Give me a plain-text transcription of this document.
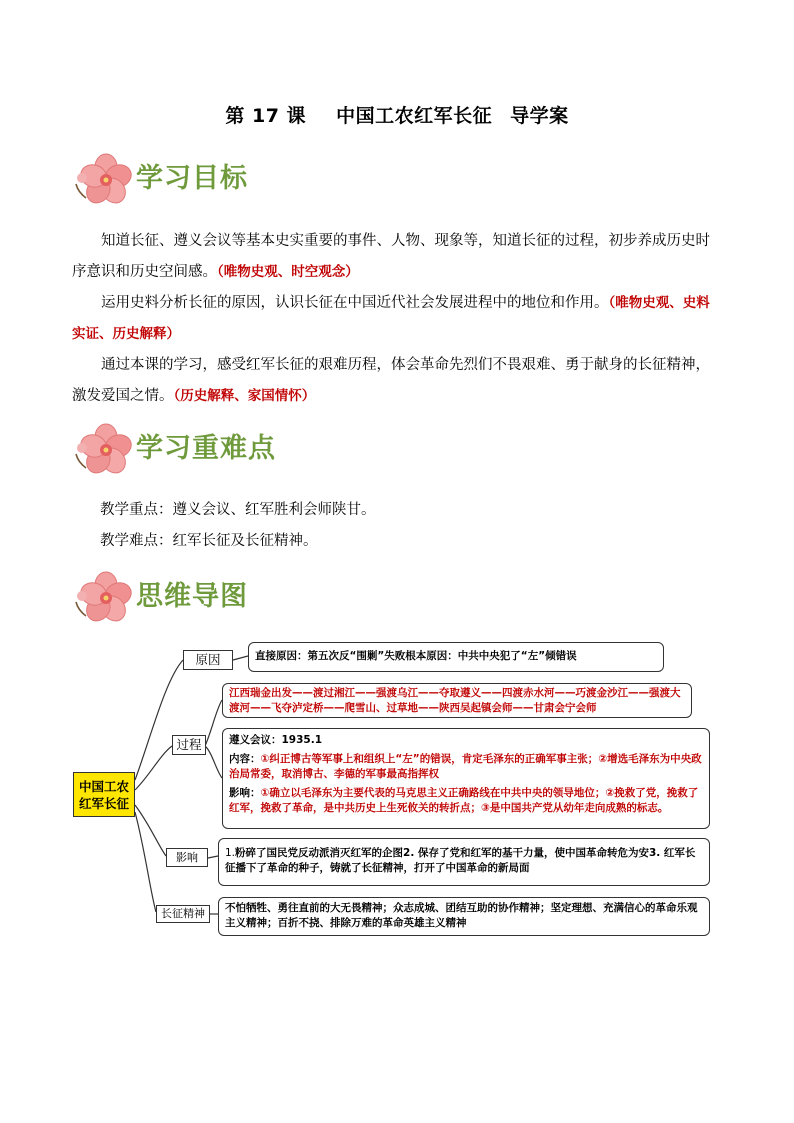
第 17 课 中国工农红军长征 导学案
学习目标

知道长征、遵义会议等基本史实重要的事件、人物、现象等，知道长征的过程，初步养成历史时序意识和历史空间感。（唯物史观、时空观念）

运用史料分析长征的原因，认识长征在中国近代社会发展进程中的地位和作用。（唯物史观、史料实证、历史解释）

通过本课的学习，感受红军长征的艰难历程，体会革命先烈们不畏艰难、勇于献身的长征精神，激发爱国之情。（历史解释、家国情怀）

学习重难点
教学重点：遵义会议、红军胜利会师陕甘。
教学难点：红军长征及长征精神。
思维导图
中国工农
红军长征
原因
过程
影响
长征精神
直接原因：第五次反“围剿”失败根本原因：中共中央犯了“左”倾错误
江西瑞金出发——渡过湘江——强渡乌江——夺取遵义——四渡赤水河——巧渡金沙江——强渡大渡河——飞夺泸定桥——爬雪山、过草地——陕西吴起镇会师——甘肃会宁会师
遵义会议：1935.1
内容：①纠正博古等军事上和组织上“左”的错误，肯定毛泽东的正确军事主张；②增选毛泽东为中央政治局常委，取消博古、李德的军事最高指挥权
影响：①确立以毛泽东为主要代表的马克思主义正确路线在中共中央的领导地位；②挽救了党，挽救了红军，挽救了革命，是中共历史上生死攸关的转折点；③是中国共产党从幼年走向成熟的标志。
1.粉碎了国民党反动派消灭红军的企图2. 保存了党和红军的基干力量，使中国革命转危为安3. 红军长征播下了革命的种子，铸就了长征精神，打开了中国革命的新局面
不怕牺牲、勇往直前的大无畏精神；众志成城、团结互助的协作精神；坚定理想、充满信心的革命乐观主义精神；百折不挠、排除万难的革命英雄主义精神
